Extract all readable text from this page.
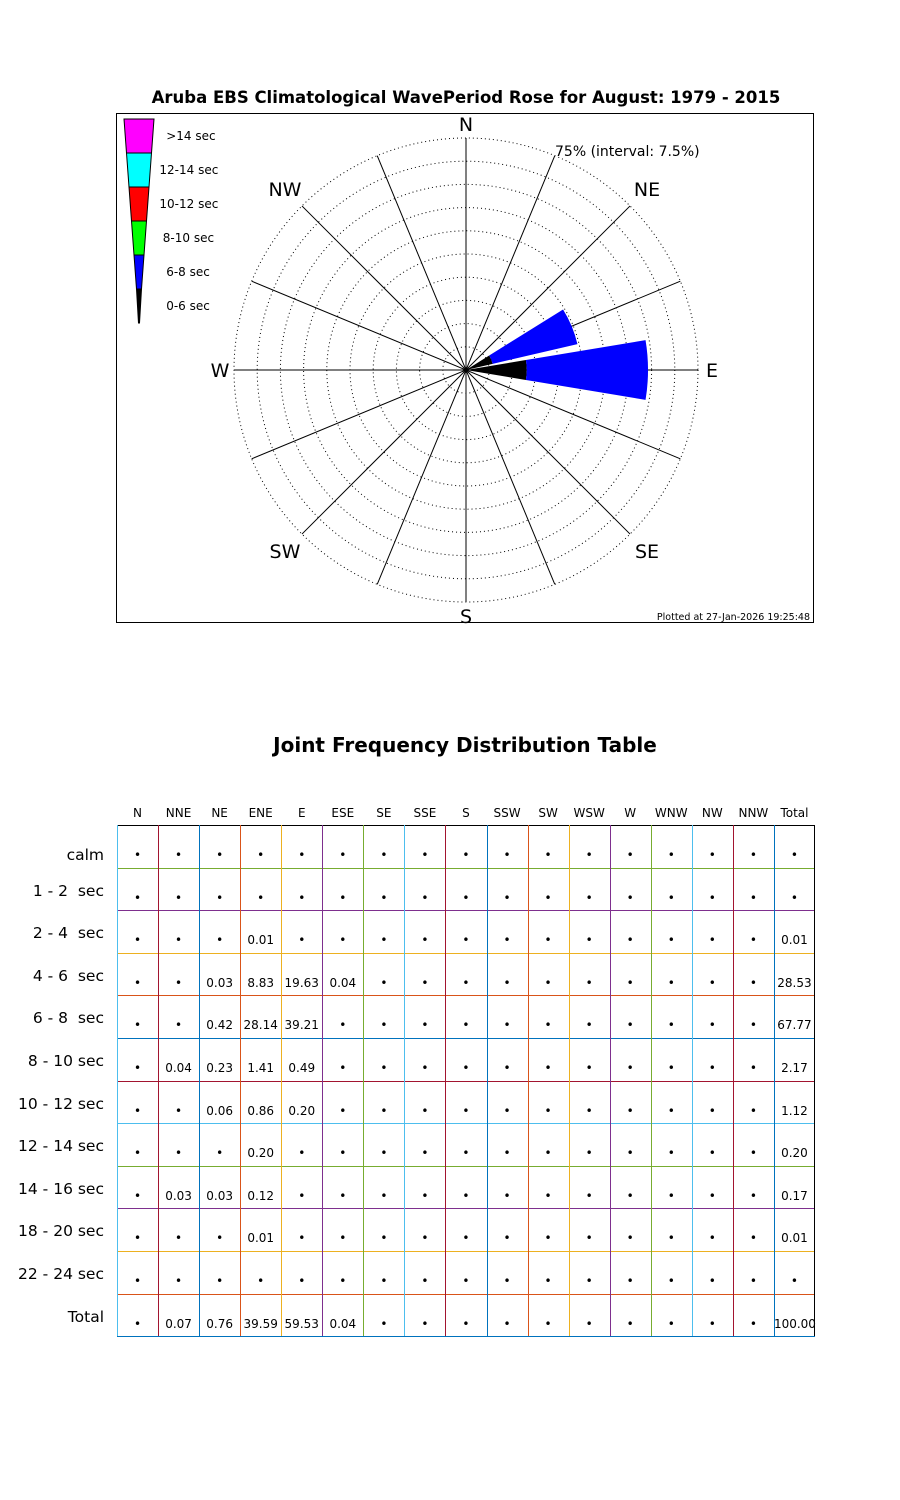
Aruba EBS Climatological WavePeriod Rose for August: 1979 - 2015
N
NE
E
SE
S
SW
W
NW
75% (interval: 7.5%)
>14 sec
12-14 sec
10-12 sec
8-10 sec
6-8 sec
0-6 sec
Plotted at 27-Jan-2026 19:25:48
Joint Frequency Distribution Table
N	NNE	NE	ENE	E	ESE	SE	SSE	S	SSW	SW	WSW	W	WNW	NW	NNW	Total
calm	•	•	•	•	•	•	•	•	•	•	•	•	•	•	•	•	•
1 - 2  sec	•	•	•	•	•	•	•	•	•	•	•	•	•	•	•	•	•
2 - 4  sec	•	•	•	0.01	•	•	•	•	•	•	•	•	•	•	•	•	0.01
4 - 6  sec	•	•	0.03	8.83 19.63 0.04	•	•	•	•	•	•	•	•	•	•	28.53
6 - 8  sec	•	•	0.42 28.14 39.21	•	•	•	•	•	•	•	•	•	•	•	67.77
8 - 10 sec	•	0.04	0.23	1.41	0.49	•	•	•	•	•	•	•	•	•	•	•	2.17
10 - 12 sec	•	•	0.06	0.86	0.20	•	•	•	•	•	•	•	•	•	•	•	1.12
12 - 14 sec	•	•	•	0.20	•	•	•	•	•	•	•	•	•	•	•	•	0.20
14 - 16 sec	•	0.03	0.03	0.12	•	•	•	•	•	•	•	•	•	•	•	•	0.17
18 - 20 sec	•	•	•	0.01	•	•	•	•	•	•	•	•	•	•	•	•	0.01
22 - 24 sec	•	•	•	•	•	•	•	•	•	•	•	•	•	•	•	•	•
Total	•	0.07	0.76 39.59 59.53 0.04	•	•	•	•	•	•	•	•	•	•	100.00
